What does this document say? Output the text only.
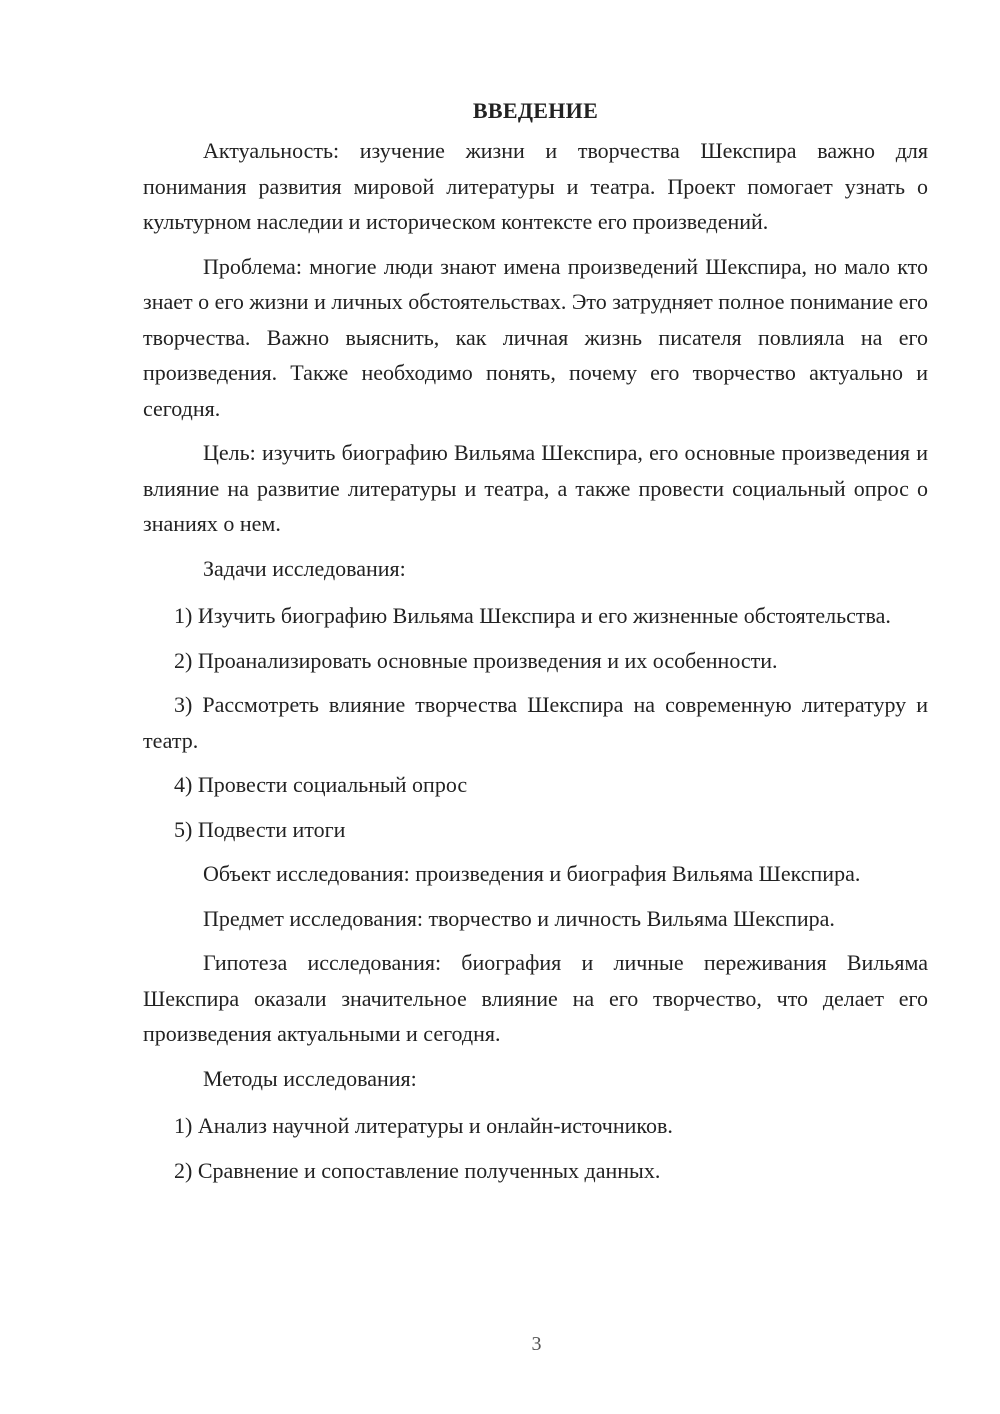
ВВЕДЕНИЕ

Актуальность: изучение жизни и творчества Шекспира важно для понимания развития мировой литературы и театра. Проект помогает узнать о культурном наследии и историческом контексте его произведений.

Проблема: многие люди знают имена произведений Шекспира, но мало кто знает о его жизни и личных обстоятельствах. Это затрудняет полное понимание его творчества. Важно выяснить, как личная жизнь писателя повлияла на его произведения. Также необходимо понять, почему его творчество актуально и сегодня.

Цель: изучить биографию Вильяма Шекспира, его основные произведения и влияние на развитие литературы и театра, а также провести социальный опрос о знаниях о нем.

Задачи исследования:

1) Изучить биографию Вильяма Шекспира и его жизненные обстоятельства.

2) Проанализировать основные произведения и их особенности.

3) Рассмотреть влияние творчества Шекспира на современную литературу и театр.

4) Провести социальный опрос

5) Подвести итоги

Объект исследования: произведения и биография Вильяма Шекспира.

Предмет исследования: творчество и личность Вильяма Шекспира.

Гипотеза исследования: биография и личные переживания Вильяма Шекспира оказали значительное влияние на его творчество, что делает его произведения актуальными и сегодня.

Методы исследования:

1) Анализ научной литературы и онлайн-источников.

2) Сравнение и сопоставление полученных данных.

3
